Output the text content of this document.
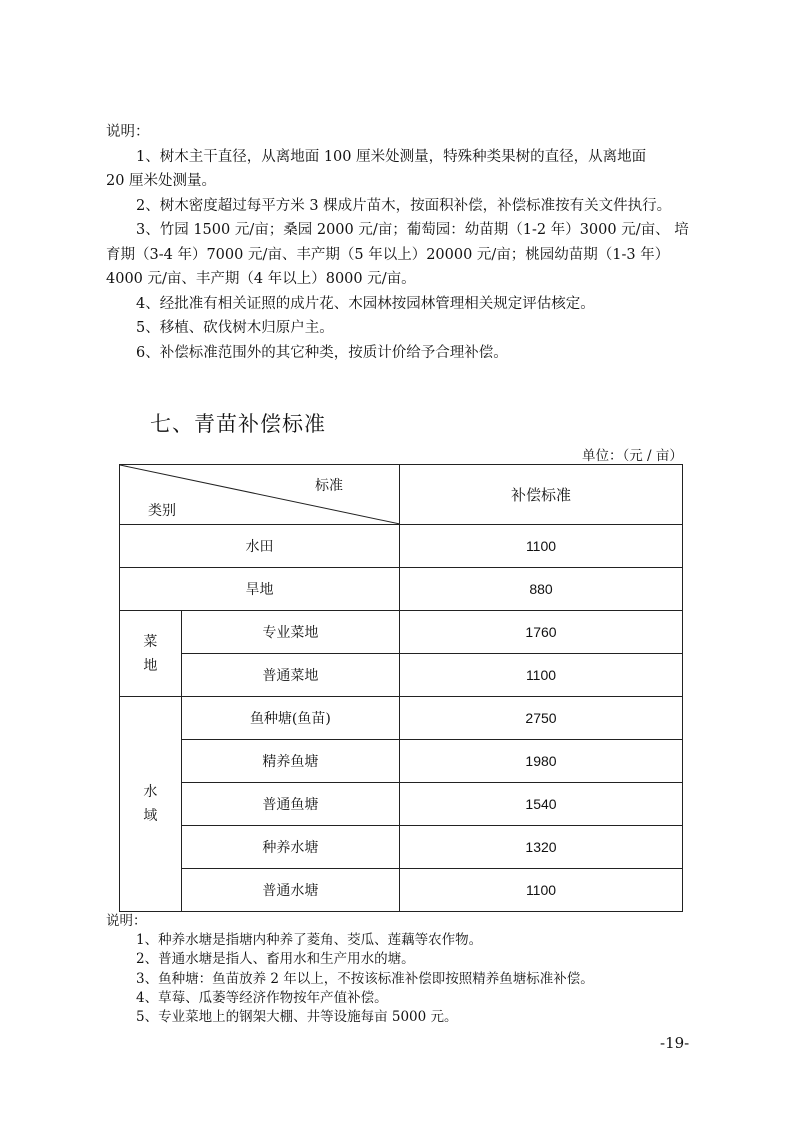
说明：
1、树木主干直径，从离地面 100 厘米处测量，特殊种类果树的直径，从离地面
20 厘米处测量。
2、树木密度超过每平方米 3 棵成片苗木，按面积补偿，补偿标准按有关文件执行。
3、竹园 1500 元/亩；桑园 2000 元/亩；葡萄园：幼苗期（1-2 年）3000 元/亩、 培
育期（3-4 年）7000 元/亩、丰产期（5 年以上）20000 元/亩；桃园幼苗期（1-3 年）
4000 元/亩、丰产期（4 年以上）8000 元/亩。
4、经批准有相关证照的成片花、木园林按园林管理相关规定评估核定。
5、移植、砍伐树木归原户主。
6、补偿标准范围外的其它种类，按质计价给予合理补偿。
七、青苗补偿标准
单位：（元 / 亩）
标准
类别		补偿标准
水田		1100
旱地		880
菜地	专业菜地	1760
	普通菜地	1100
水域	鱼种塘(鱼苗)	2750
	精养鱼塘	1980
	普通鱼塘	1540
	种养水塘	1320
	普通水塘	1100
说明：
1、种养水塘是指塘内种养了菱角、茭瓜、莲藕等农作物。
2、普通水塘是指人、畜用水和生产用水的塘。
3、鱼种塘：鱼苗放养 2 年以上，不按该标准补偿即按照精养鱼塘标准补偿。
4、草莓、瓜萎等经济作物按年产值补偿。
5、专业菜地上的钢架大棚、井等设施每亩 5000 元。
-19-
